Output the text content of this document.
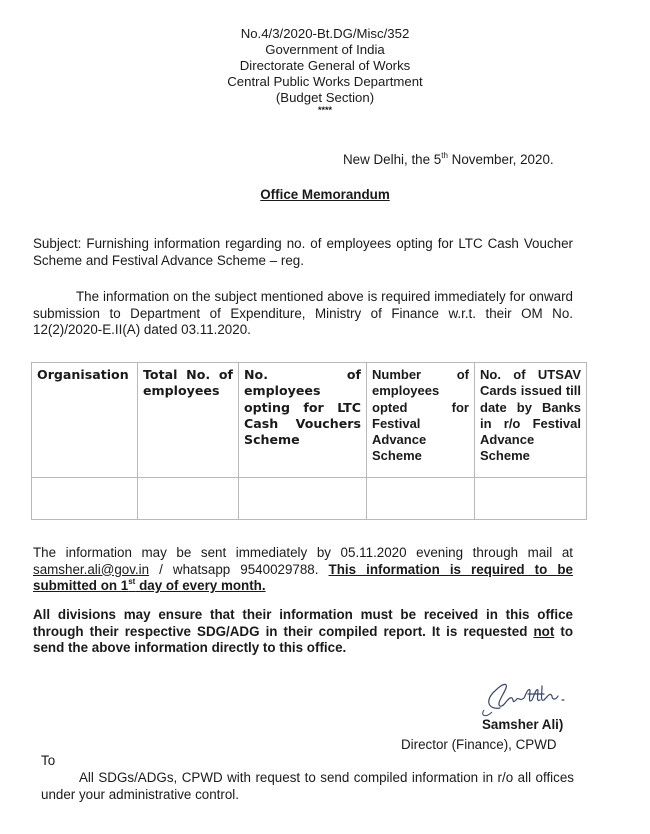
No.4/3/2020-Bt.DG/Misc/352
Government of India
Directorate General of Works
Central Public Works Department
(Budget Section)
****
New Delhi, the 5th November, 2020.
Office Memorandum
Subject: Furnishing information regarding no. of employees opting for LTC Cash Voucher Scheme and Festival Advance Scheme – reg.
The information on the subject mentioned above is required immediately for onward submission to Department of Expenditure, Ministry of Finance w.r.t. their OM No. 12(2)/2020-E.II(A) dated 03.11.2020.
Organisation	Total No. of employees	No. of employees opting for LTC Cash Vouchers Scheme	Number of employees opted for Festival Advance Scheme	No. of UTSAV Cards issued till date by Banks in r/o Festival Advance Scheme

The information may be sent immediately by 05.11.2020 evening through mail at samsher.ali@gov.in / whatsapp 9540029788. This information is required to be submitted on 1st day of every month.
All divisions may ensure that their information must be received in this office through their respective SDG/ADG in their compiled report. It is requested not to send the above information directly to this office.
Samsher Ali)
Director (Finance), CPWD
To
All SDGs/ADGs, CPWD with request to send compiled information in r/o all offices under your administrative control.
